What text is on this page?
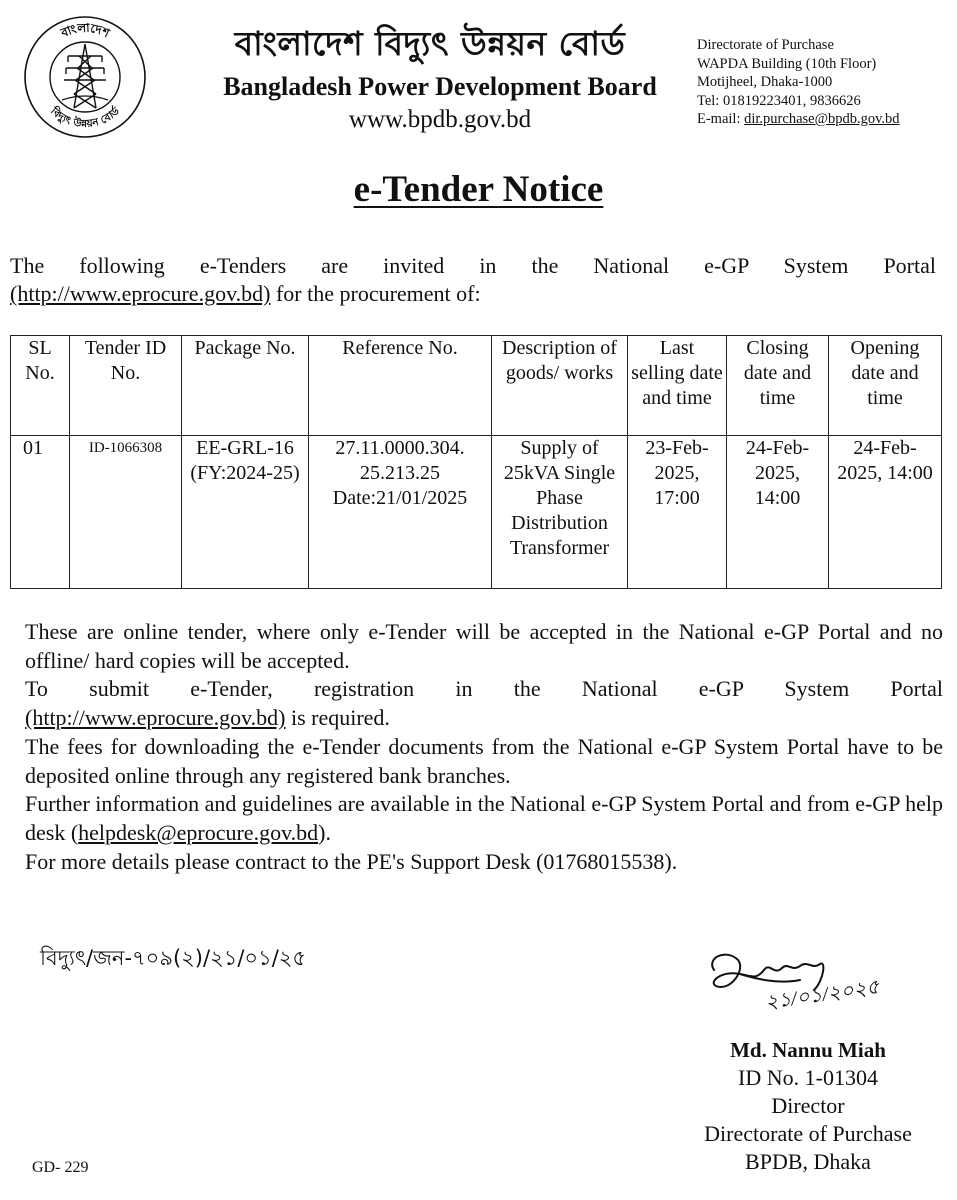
বাংলাদেশ
বিদ্যুৎ উন্নয়ন বোর্ড
বাংলাদেশ বিদ্যুৎ উন্নয়ন বোর্ড
Bangladesh Power Development Board
www.bpdb.gov.bd
Directorate of Purchase
WAPDA Building (10th Floor)
Motijheel, Dhaka-1000
Tel: 01819223401, 9836626
E-mail: dir.purchase@bpdb.gov.bd
e-Tender Notice
The following e-Tenders are invited in the National e-GP System Portal
(http://www.eprocure.gov.bd) for the procurement of:
SL No.	Tender ID No.	Package No.	Reference No.	Description of goods/ works	Last selling date and time	Closing date and time	Opening date and time
01	ID-1066308	EE-GRL-16 (FY:2024-25)	27.11.0000.304. 25.213.25 Date:21/01/2025	Supply of 25kVA Single Phase Distribution Transformer	23-Feb-2025, 17:00	24-Feb-2025, 14:00	24-Feb-2025, 14:00

These are online tender, where only e-Tender will be accepted in the National e-GP Portal and no offline/ hard copies will be accepted.

To submit e-Tender, registration in the National e-GP System Portal
(http://www.eprocure.gov.bd) is required.

The fees for downloading the e-Tender documents from the National e-GP System Portal have to be deposited online through any registered bank branches.

Further information and guidelines are available in the National e-GP System Portal and from e-GP help desk (helpdesk@eprocure.gov.bd).

For more details please contract to the PE's Support Desk (01768015538).

বিদ্যুৎ/জন-৭০৯(২)/২১/০১/২৫
২১/০১/২০২৫
Md. Nannu Miah
ID No. 1-01304
Director
Directorate of Purchase
BPDB, Dhaka
GD- 229
